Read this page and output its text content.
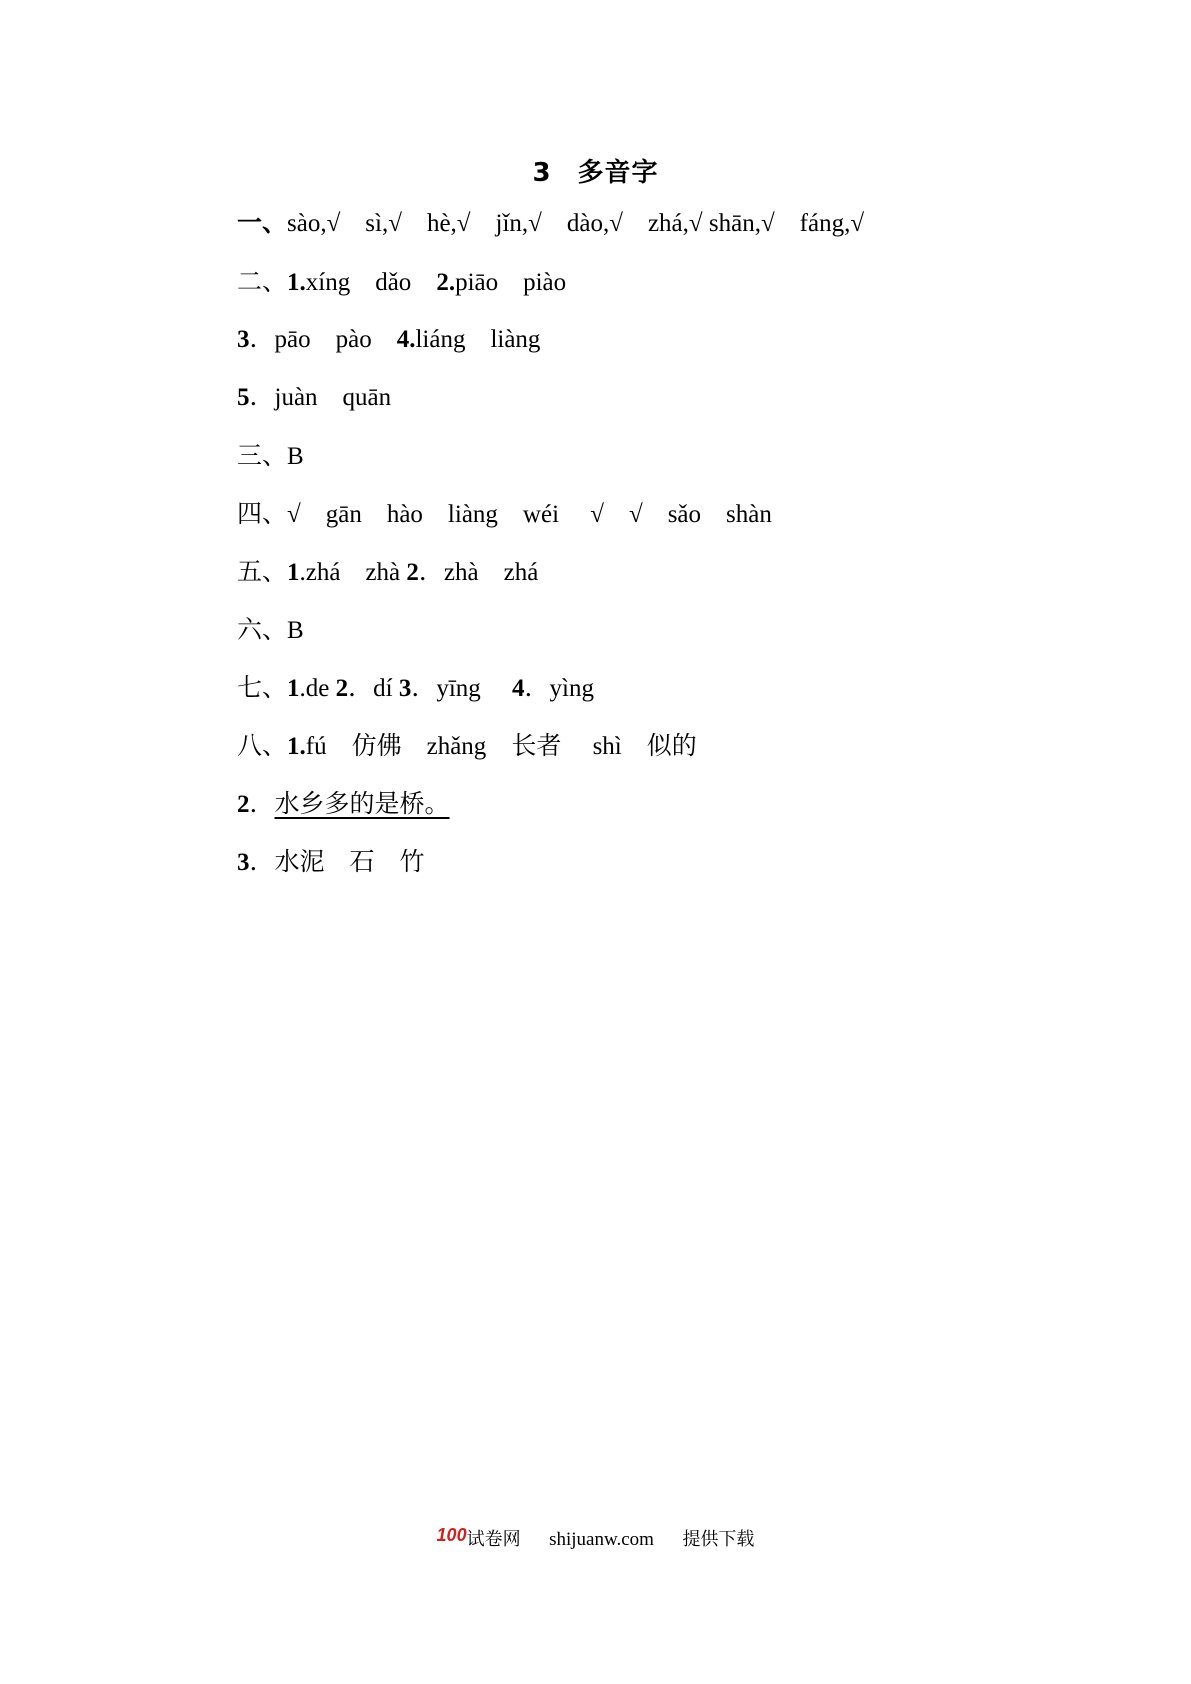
3 多音字
一、sào,√　sì,√　hè,√　jǐn,√　dào,√　zhá,√ shān,√　fáng,√
二、1.xíng　dǎo　2.piāo　piào
3．pāo　pào　4.liáng　liàng
5．juàn　quān
三、B
四、√　gān　hào　liàng　wéi　 √　√　sǎo　shàn
五、1.zhá　zhà 2．zhà　zhá
六、B
七、1.de 2．dí 3．yīng　 4．yìng
八、1.fú　仿佛　zhǎng　长者　 shì　似的
2．水乡多的是桥。
3．水泥　石　竹
100试卷网 shijuanw.com 提供下载
